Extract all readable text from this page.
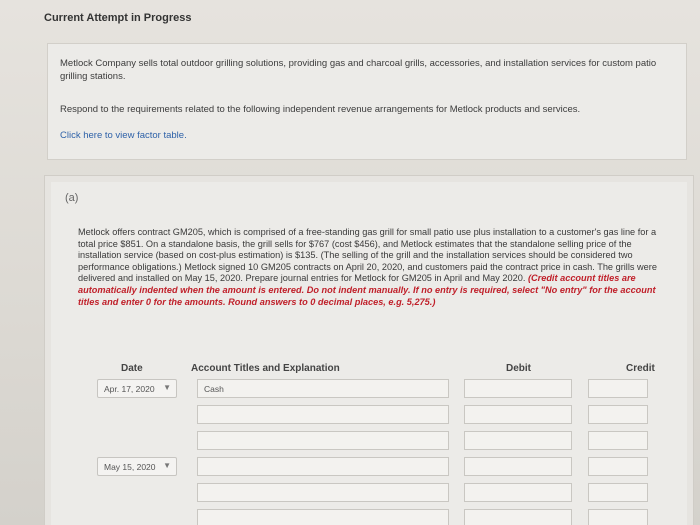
Current Attempt in Progress
Metlock Company sells total outdoor grilling solutions, providing gas and charcoal grills, accessories, and installation services for custom patio grilling stations.
Respond to the requirements related to the following independent revenue arrangements for Metlock products and services.
Click here to view factor table.
(a)
Metlock offers contract GM205, which is comprised of a free-standing gas grill for small patio use plus installation to a customer's gas line for a total price $851. On a standalone basis, the grill sells for $767 (cost $456), and Metlock estimates that the standalone selling price of the installation service (based on cost-plus estimation) is $135. (The selling of the grill and the installation services should be considered two performance obligations.) Metlock signed 10 GM205 contracts on April 20, 2020, and customers paid the contract price in cash. The grills were delivered and installed on May 15, 2020. Prepare journal entries for Metlock for GM205 in April and May 2020. (Credit account titles are automatically indented when the amount is entered. Do not indent manually. If no entry is required, select "No entry" for the account titles and enter 0 for the amounts. Round answers to 0 decimal places, e.g. 5,275.)
Date	Account Titles and Explanation	Debit	Credit
Apr. 17, 2020 ▼	Cash
May 15, 2020 ▼
